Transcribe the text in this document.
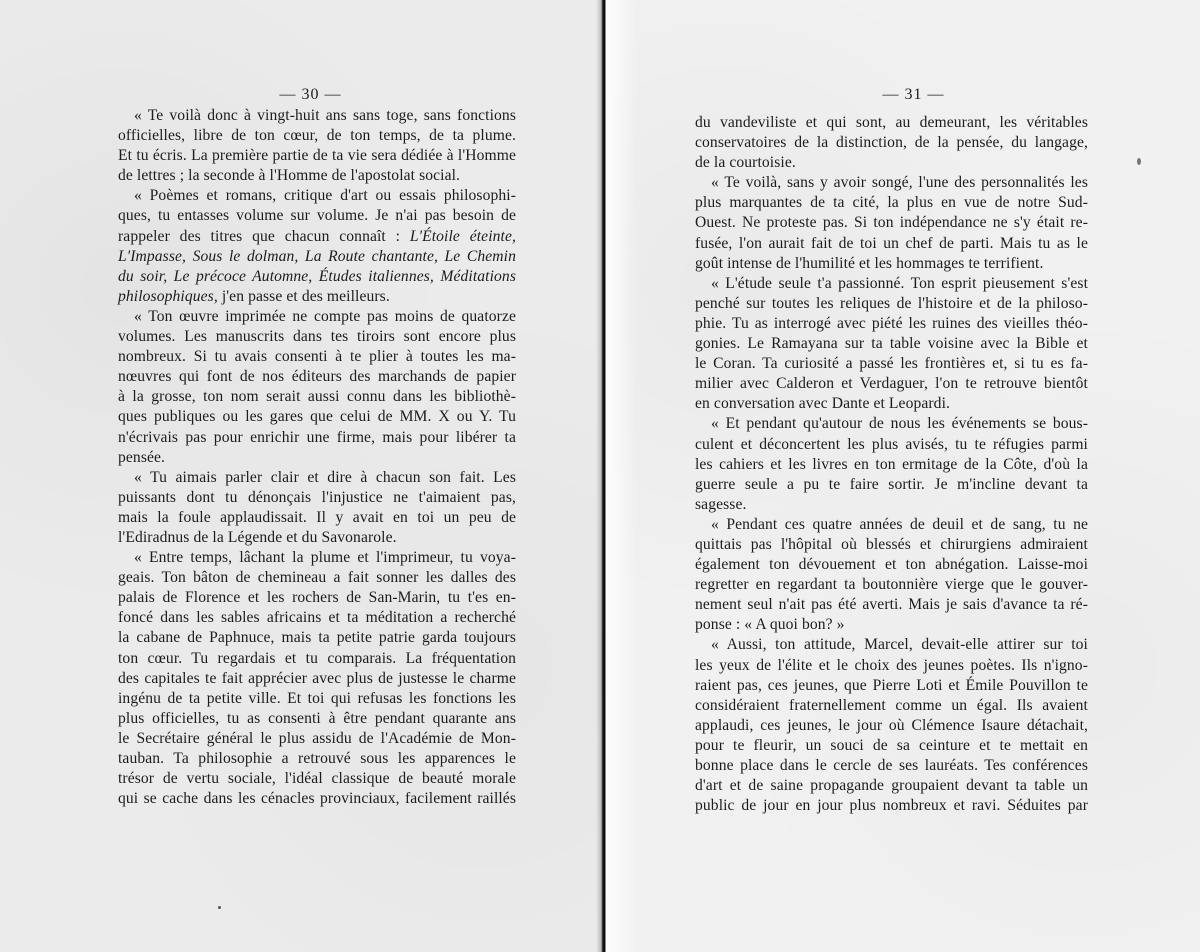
— 30 —

« Te voilà donc à vingt-huit ans sans toge, sans fonctions
officielles, libre de ton cœur, de ton temps, de ta plume.
Et tu écris. La première partie de ta vie sera dédiée à l'Homme
de lettres ; la seconde à l'Homme de l'apostolat social.

« Poèmes et romans, critique d'art ou essais philosophi-
ques, tu entasses volume sur volume. Je n'ai pas besoin de
rappeler des titres que chacun connaît : L'Étoile éteinte,
L'Impasse, Sous le dolman, La Route chantante, Le Chemin
du soir, Le précoce Automne, Études italiennes, Méditations
philosophiques, j'en passe et des meilleurs.

« Ton œuvre imprimée ne compte pas moins de quatorze
volumes. Les manuscrits dans tes tiroirs sont encore plus
nombreux. Si tu avais consenti à te plier à toutes les ma-
nœuvres qui font de nos éditeurs des marchands de papier
à la grosse, ton nom serait aussi connu dans les bibliothè-
ques publiques ou les gares que celui de MM. X ou Y. Tu
n'écrivais pas pour enrichir une firme, mais pour libérer ta
pensée.

« Tu aimais parler clair et dire à chacun son fait. Les
puissants dont tu dénonçais l'injustice ne t'aimaient pas,
mais la foule applaudissait. Il y avait en toi un peu de
l'Ediradnus de la Légende et du Savonarole.

« Entre temps, lâchant la plume et l'imprimeur, tu voya-
geais. Ton bâton de chemineau a fait sonner les dalles des
palais de Florence et les rochers de San-Marin, tu t'es en-
foncé dans les sables africains et ta méditation a recherché
la cabane de Paphnuce, mais ta petite patrie garda toujours
ton cœur. Tu regardais et tu comparais. La fréquentation
des capitales te fait apprécier avec plus de justesse le charme
ingénu de ta petite ville. Et toi qui refusas les fonctions les
plus officielles, tu as consenti à être pendant quarante ans
le Secrétaire général le plus assidu de l'Académie de Mon-
tauban. Ta philosophie a retrouvé sous les apparences le
trésor de vertu sociale, l'idéal classique de beauté morale
qui se cache dans les cénacles provinciaux, facilement raillés

— 31 —

du vandeviliste et qui sont, au demeurant, les véritables
conservatoires de la distinction, de la pensée, du langage,
de la courtoisie.

« Te voilà, sans y avoir songé, l'une des personnalités les
plus marquantes de ta cité, la plus en vue de notre Sud-
Ouest. Ne proteste pas. Si ton indépendance ne s'y était re-
fusée, l'on aurait fait de toi un chef de parti. Mais tu as le
goût intense de l'humilité et les hommages te terrifient.

« L'étude seule t'a passionné. Ton esprit pieusement s'est
penché sur toutes les reliques de l'histoire et de la philoso-
phie. Tu as interrogé avec piété les ruines des vieilles théo-
gonies. Le Ramayana sur ta table voisine avec la Bible et
le Coran. Ta curiosité a passé les frontières et, si tu es fa-
milier avec Calderon et Verdaguer, l'on te retrouve bientôt
en conversation avec Dante et Leopardi.

« Et pendant qu'autour de nous les événements se bous-
culent et déconcertent les plus avisés, tu te réfugies parmi
les cahiers et les livres en ton ermitage de la Côte, d'où la
guerre seule a pu te faire sortir. Je m'incline devant ta
sagesse.

« Pendant ces quatre années de deuil et de sang, tu ne
quittais pas l'hôpital où blessés et chirurgiens admiraient
également ton dévouement et ton abnégation. Laisse-moi
regretter en regardant ta boutonnière vierge que le gouver-
nement seul n'ait pas été averti. Mais je sais d'avance ta ré-
ponse : « A quoi bon? »

« Aussi, ton attitude, Marcel, devait-elle attirer sur toi
les yeux de l'élite et le choix des jeunes poètes. Ils n'igno-
raient pas, ces jeunes, que Pierre Loti et Émile Pouvillon te
considéraient fraternellement comme un égal. Ils avaient
applaudi, ces jeunes, le jour où Clémence Isaure détachait,
pour te fleurir, un souci de sa ceinture et te mettait en
bonne place dans le cercle de ses lauréats. Tes conférences
d'art et de saine propagande groupaient devant ta table un
public de jour en jour plus nombreux et ravi. Séduites par
